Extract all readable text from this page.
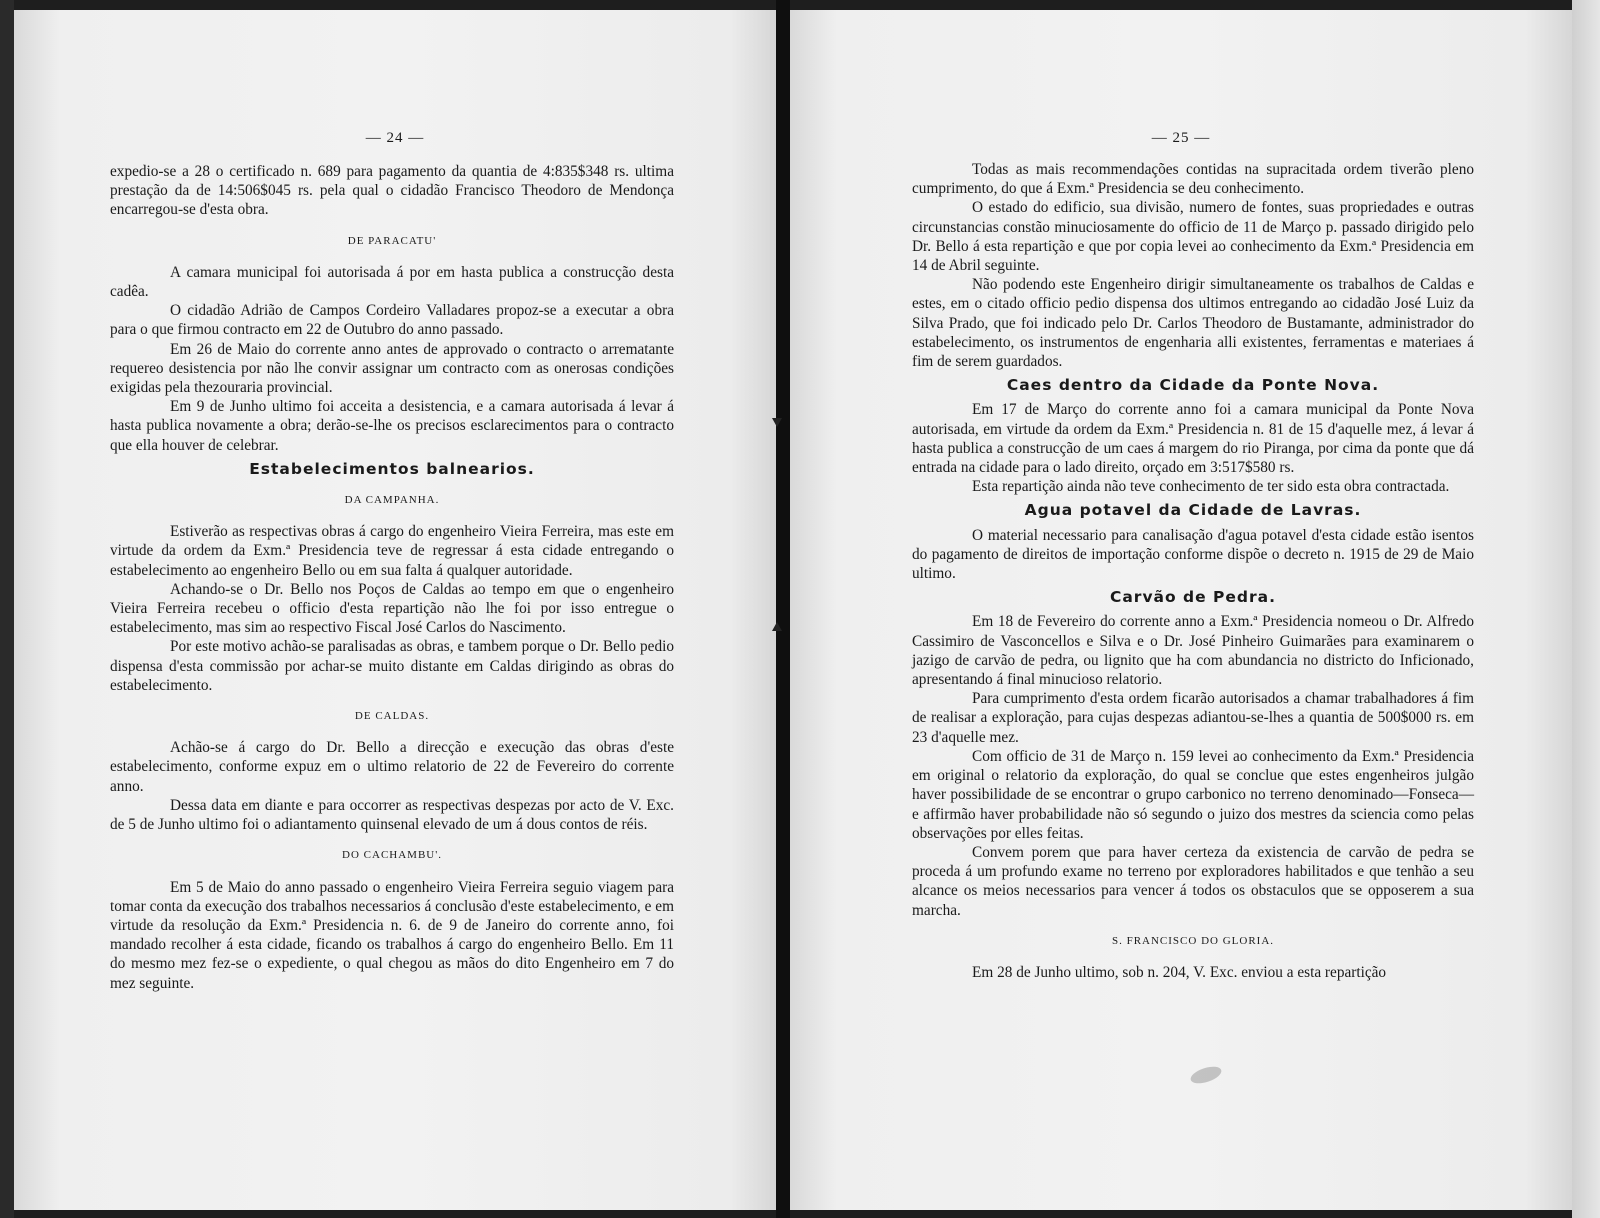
— 24 —

expedio-se a 28 o certificado n. 689 para pagamento da quantia de 4:835$348 rs. ultima prestação da de 14:506$045 rs. pela qual o cidadão Francisco Theodoro de Mendonça encarregou-se d'esta obra.

DE PARACATU'

A camara municipal foi autorisada á por em hasta publica a construcção desta cadêa.

O cidadão Adrião de Campos Cordeiro Valladares propoz-se a executar a obra para o que firmou contracto em 22 de Outubro do anno passado.

Em 26 de Maio do corrente anno antes de approvado o contracto o arrematante requereo desistencia por não lhe convir assignar um contracto com as onerosas condições exigidas pela thezouraria provincial.

Em 9 de Junho ultimo foi acceita a desistencia, e a camara autorisada á levar á hasta publica novamente a obra; derão-se-lhe os precisos esclarecimentos para o contracto que ella houver de celebrar.

Estabelecimentos balnearios.
DA CAMPANHA.

Estiverão as respectivas obras á cargo do engenheiro Vieira Ferreira, mas este em virtude da ordem da Exm.ª Presidencia teve de regressar á esta cidade entregando o estabelecimento ao engenheiro Bello ou em sua falta á qualquer autoridade.

Achando-se o Dr. Bello nos Poços de Caldas ao tempo em que o engenheiro Vieira Ferreira recebeu o officio d'esta repartição não lhe foi por isso entregue o estabelecimento, mas sim ao respectivo Fiscal José Carlos do Nascimento.

Por este motivo achão-se paralisadas as obras, e tambem porque o Dr. Bello pedio dispensa d'esta commissão por achar-se muito distante em Caldas dirigindo as obras do estabelecimento.

DE CALDAS.

Achão-se á cargo do Dr. Bello a direcção e execução das obras d'este estabelecimento, conforme expuz em o ultimo relatorio de 22 de Fevereiro do corrente anno.

Dessa data em diante e para occorrer as respectivas despezas por acto de V. Exc. de 5 de Junho ultimo foi o adiantamento quinsenal elevado de um á dous contos de réis.

DO CACHAMBU'.

Em 5 de Maio do anno passado o engenheiro Vieira Ferreira seguio viagem para tomar conta da execução dos trabalhos necessarios á conclusão d'este estabelecimento, e em virtude da resolução da Exm.ª Presidencia n. 6. de 9 de Janeiro do corrente anno, foi mandado recolher á esta cidade, ficando os trabalhos á cargo do engenheiro Bello. Em 11 do mesmo mez fez-se o expediente, o qual chegou as mãos do dito Engenheiro em 7 do mez seguinte.

— 25 —

Todas as mais recommendações contidas na supracitada ordem tiverão pleno cumprimento, do que á Exm.ª Presidencia se deu conhecimento.

O estado do edificio, sua divisão, numero de fontes, suas propriedades e outras circunstancias constão minuciosamente do officio de 11 de Março p. passado dirigido pelo Dr. Bello á esta repartição e que por copia levei ao conhecimento da Exm.ª Presidencia em 14 de Abril seguinte.

Não podendo este Engenheiro dirigir simultaneamente os trabalhos de Caldas e estes, em o citado officio pedio dispensa dos ultimos entregando ao cidadão José Luiz da Silva Prado, que foi indicado pelo Dr. Carlos Theodoro de Bustamante, administrador do estabelecimento, os instrumentos de engenharia alli existentes, ferramentas e materiaes á fim de serem guardados.

Caes dentro da Cidade da Ponte Nova.

Em 17 de Março do corrente anno foi a camara municipal da Ponte Nova autorisada, em virtude da ordem da Exm.ª Presidencia n. 81 de 15 d'aquelle mez, á levar á hasta publica a construcção de um caes á margem do rio Piranga, por cima da ponte que dá entrada na cidade para o lado direito, orçado em 3:517$580 rs.

Esta repartição ainda não teve conhecimento de ter sido esta obra contractada.

Agua potavel da Cidade de Lavras.

O material necessario para canalisação d'agua potavel d'esta cidade estão isentos do pagamento de direitos de importação conforme dispõe o decreto n. 1915 de 29 de Maio ultimo.

Carvão de Pedra.

Em 18 de Fevereiro do corrente anno a Exm.ª Presidencia nomeou o Dr. Alfredo Cassimiro de Vasconcellos e Silva e o Dr. José Pinheiro Guimarães para examinarem o jazigo de carvão de pedra, ou lignito que ha com abundancia no districto do Inficionado, apresentando á final minucioso relatorio.

Para cumprimento d'esta ordem ficarão autorisados a chamar trabalhadores á fim de realisar a exploração, para cujas despezas adiantou-se-lhes a quantia de 500$000 rs. em 23 d'aquelle mez.

Com officio de 31 de Março n. 159 levei ao conhecimento da Exm.ª Presidencia em original o relatorio da exploração, do qual se conclue que estes engenheiros julgão haver possibilidade de se encontrar o grupo carbonico no terreno denominado—Fonseca—e affirmão haver probabilidade não só segundo o juizo dos mestres da sciencia como pelas observações por elles feitas.

Convem porem que para haver certeza da existencia de carvão de pedra se proceda á um profundo exame no terreno por exploradores habilitados e que tenhão a seu alcance os meios necessarios para vencer á todos os obstaculos que se opposerem a sua marcha.

S. FRANCISCO DO GLORIA.

Em 28 de Junho ultimo, sob n. 204, V. Exc. enviou a esta repartição
